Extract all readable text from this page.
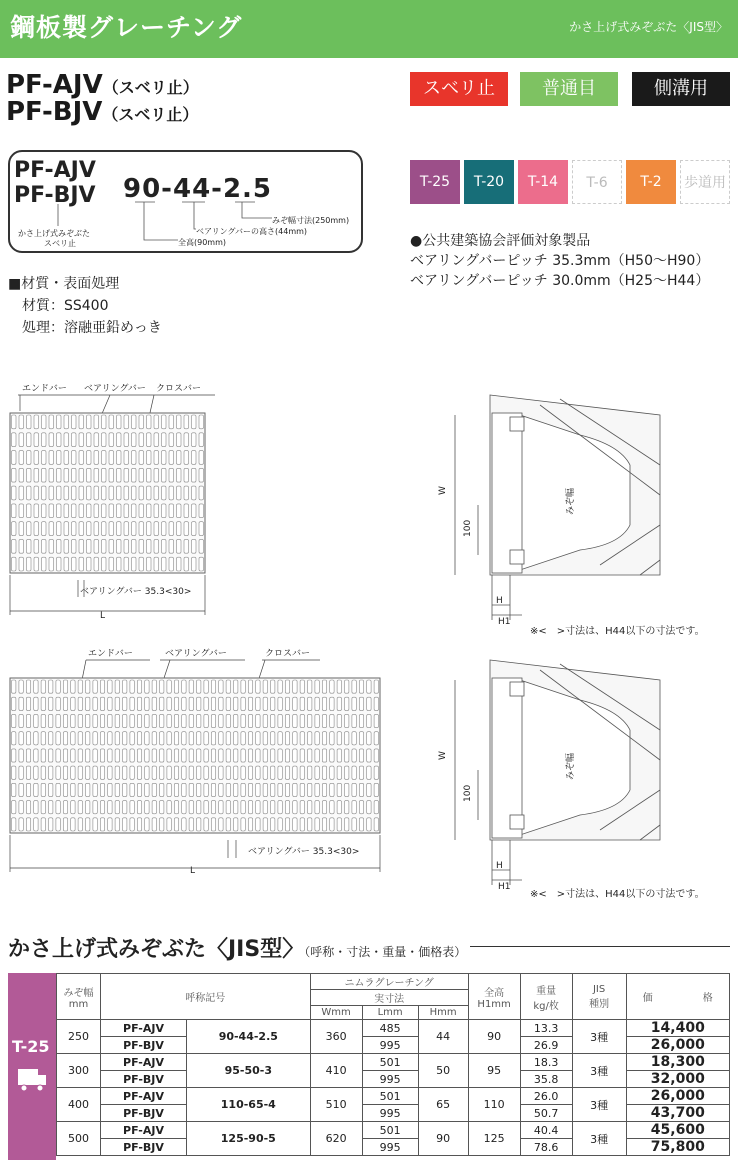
鋼板製グレーチング	かさ上げ式みぞぶた〈JIS型〉
PF-AJV（スベリ止）
PF-BJV（スベリ止）
スベリ止	普通目	側溝用
PF-AJV
PF-BJV 90-44-2.5
みぞ幅寸法(250mm)
ベアリングバーの高さ(44mm)
全高(90mm)
かさ上げ式みぞぶた
スベリ止
T-25	T-20	T-14	T-6	T-2	歩道用
●公共建築協会評価対象製品
ベアリングバーピッチ 35.3mm（H50〜H90）
ベアリングバーピッチ 30.0mm（H25〜H44）
■材質・表面処理
材質：SS400
処理：溶融亜鉛めっき
エンドバー ベアリングバー クロスバー
ベアリングバー 35.3<30>
L
W
100
みぞ幅
H
H1
※<　>寸法は、H44以下の寸法です。
エンドバー	ベアリングバー	クロスバー
ベアリングバー 35.3<30>
L
W
100
みぞ幅
H
H1
※<　>寸法は、H44以下の寸法です。
かさ上げ式みぞぶた〈JIS型〉（呼称・寸法・重量・価格表）
T-25
みぞ幅
mm	呼称記号		ニムラグレーチング			全高
H1mm	重量
kg/枚	JIS
種別	価　　　　　格
			実寸法						
			Wmm	Lmm	Hmm				
250	PF-AJV	90-44-2.5	360	485	44	90	13.3	3種	14,400
	PF-BJV			995			26.9		26,000
300	PF-AJV	95-50-3	410	501	50	95	18.3	3種	18,300
	PF-BJV			995			35.8		32,000
400	PF-AJV	110-65-4	510	501	65	110	26.0	3種	26,000
	PF-BJV			995			50.7		43,700
500	PF-AJV	125-90-5	620	501	90	125	40.4	3種	45,600
	PF-BJV			995			78.6		75,800
